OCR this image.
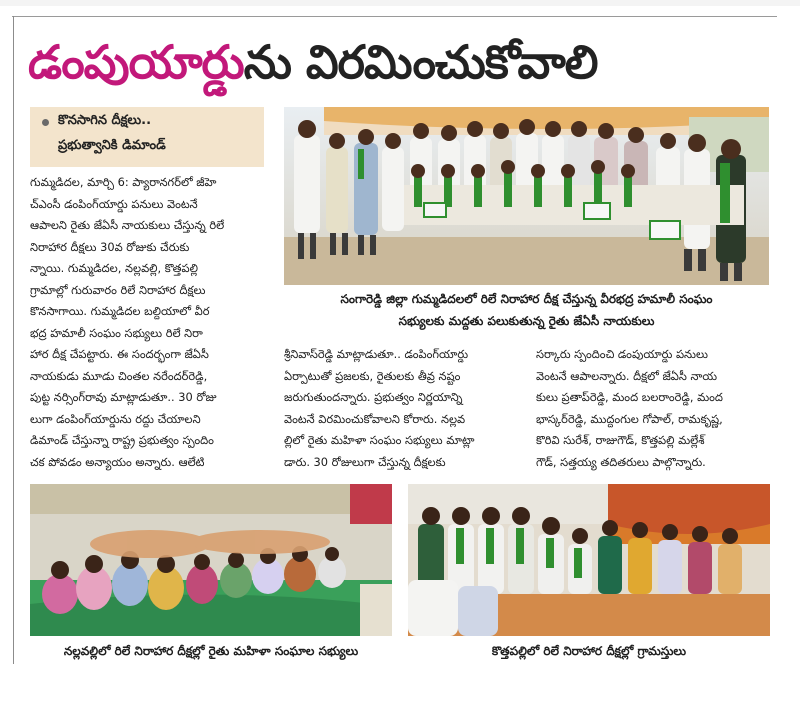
డంపుయార్డును విరమించుకోవాలి
కొనసాగిన దీక్షలు..
ప్రభుత్వానికి డిమాండ్
సంగారెడ్డి జిల్లా గుమ్మడిదలలో రిలే నిరాహార దీక్ష చేస్తున్న వీరభద్ర హమాలీ సంఘం
సభ్యులకు మద్దతు పలుకుతున్న రైతు జేఏసీ నాయకులు
గుమ్మడిదల, మార్చి 6: ప్యారానగర్‌లో జీహె
చ్‌ఎంసీ డంపింగ్‌యార్డు పనులు వెంటనే
ఆపాలని రైతు జేఏసీ నాయకులు చేస్తున్న రిలే
నిరాహార దీక్షలు 30వ రోజుకు చేరుకు
న్నాయి. గుమ్మడిదల, నల్లవల్లి, కొత్తపల్లి
గ్రామాల్లో గురువారం రిలే నిరాహార దీక్షలు
కొనసాగాయి. గుమ్మడిదల బల్దియాలో వీర
భద్ర హమాలీ సంఘం సభ్యులు రిలే నిరా
హార దీక్ష చేపట్టారు. ఈ సందర్భంగా జేఏసీ
నాయకుడు మూడు చింతల నరేందర్‌రెడ్డి,
పుట్ట నర్సింగ్‌రావు మాట్లాడుతూ.. 30 రోజు
లుగా డంపింగ్‌యార్డును రద్దు చేయాలని
డిమాండ్ చేస్తున్నా రాష్ట్ర ప్రభుత్వం స్పందిం
చక పోవడం అన్యాయం అన్నారు. ఆలేటి
శ్రీనివాస్‌రెడ్డి మాట్లాడుతూ.. డంపింగ్‌యార్డు
ఏర్పాటుతో ప్రజలకు, రైతులకు తీవ్ర నష్టం
జరుగుతుందన్నారు. ప్రభుత్వం నిర్ణయాన్ని
వెంటనే విరమించుకోవాలని కోరారు. నల్లవ
ల్లిలో రైతు మహిళా సంఘం సభ్యులు మాట్లా
డారు. 30 రోజులుగా చేస్తున్న దీక్షలకు
సర్కారు స్పందించి డంపుయార్డు పనులు
వెంటనే ఆపాలన్నారు. దీక్షలో జేఏసీ నాయ
కులు ప్రతాప్‌రెడ్డి, మంద బలరాంరెడ్డి, మంద
భాస్కర్‌రెడ్డి, ముద్దంగుల గోపాల్, రామకృష్ణ,
కొరివి సురేశ్, రాజుగౌడ్, కొత్తపల్లి మల్లేశ్
గౌడ్, సత్తయ్య తదితరులు పాల్గొన్నారు.
నల్లవల్లిలో రిలే నిరాహార దీక్షల్లో రైతు మహిళా సంఘాల సభ్యులు	కొత్తపల్లిలో రిలే నిరాహార దీక్షల్లో గ్రామస్తులు
